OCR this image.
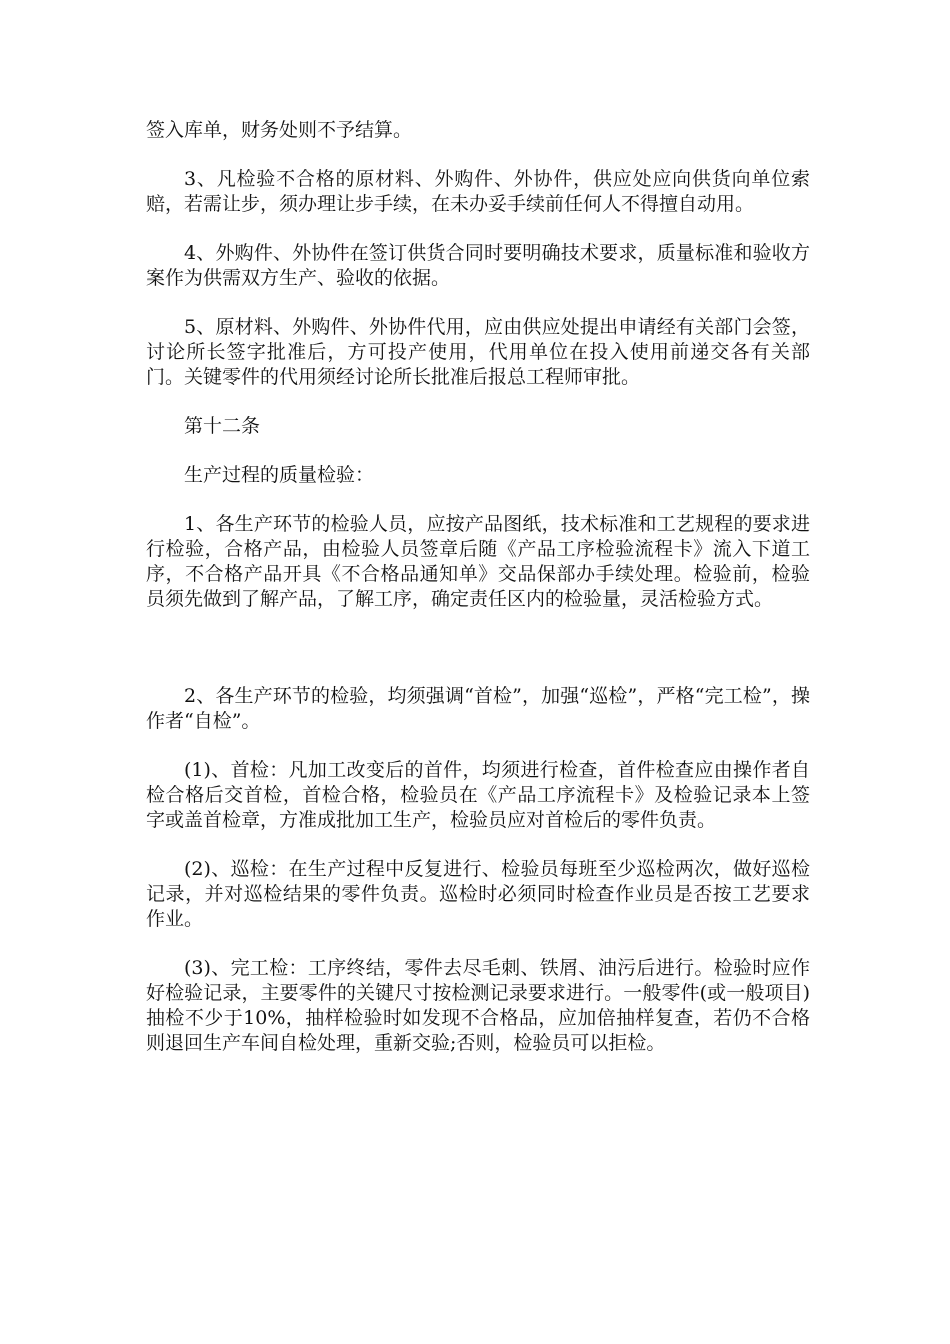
签入库单，财务处则不予结算。

3、凡检验不合格的原材料、外购件、外协件，供应处应向供货向单位索赔，若需让步，须办理让步手续，在未办妥手续前任何人不得擅自动用。

4、外购件、外协件在签订供货合同时要明确技术要求，质量标准和验收方案作为供需双方生产、验收的依据。

5、原材料、外购件、外协件代用，应由供应处提出申请经有关部门会签，讨论所长签字批准后，方可投产使用，代用单位在投入使用前递交各有关部门。关键零件的代用须经讨论所长批准后报总工程师审批。

第十二条

生产过程的质量检验：

1、各生产环节的检验人员，应按产品图纸，技术标准和工艺规程的要求进行检验，合格产品，由检验人员签章后随《产品工序检验流程卡》流入下道工序，不合格产品开具《不合格品通知单》交品保部办手续处理。检验前，检验员须先做到了解产品，了解工序，确定责任区内的检验量，灵活检验方式。

2、各生产环节的检验，均须强调“首检”，加强“巡检”，严格“完工检”，操作者“自检”。

(1)、首检：凡加工改变后的首件，均须进行检查，首件检查应由操作者自检合格后交首检，首检合格，检验员在《产品工序流程卡》及检验记录本上签字或盖首检章，方准成批加工生产，检验员应对首检后的零件负责。

(2)、巡检：在生产过程中反复进行、检验员每班至少巡检两次，做好巡检记录，并对巡检结果的零件负责。巡检时必须同时检查作业员是否按工艺要求作业。

(3)、完工检：工序终结，零件去尽毛刺、铁屑、油污后进行。检验时应作好检验记录，主要零件的关键尺寸按检测记录要求进行。一般零件(或一般项目)抽检不少于10%，抽样检验时如发现不合格品，应加倍抽样复查，若仍不合格则退回生产车间自检处理，重新交验;否则，检验员可以拒检。
